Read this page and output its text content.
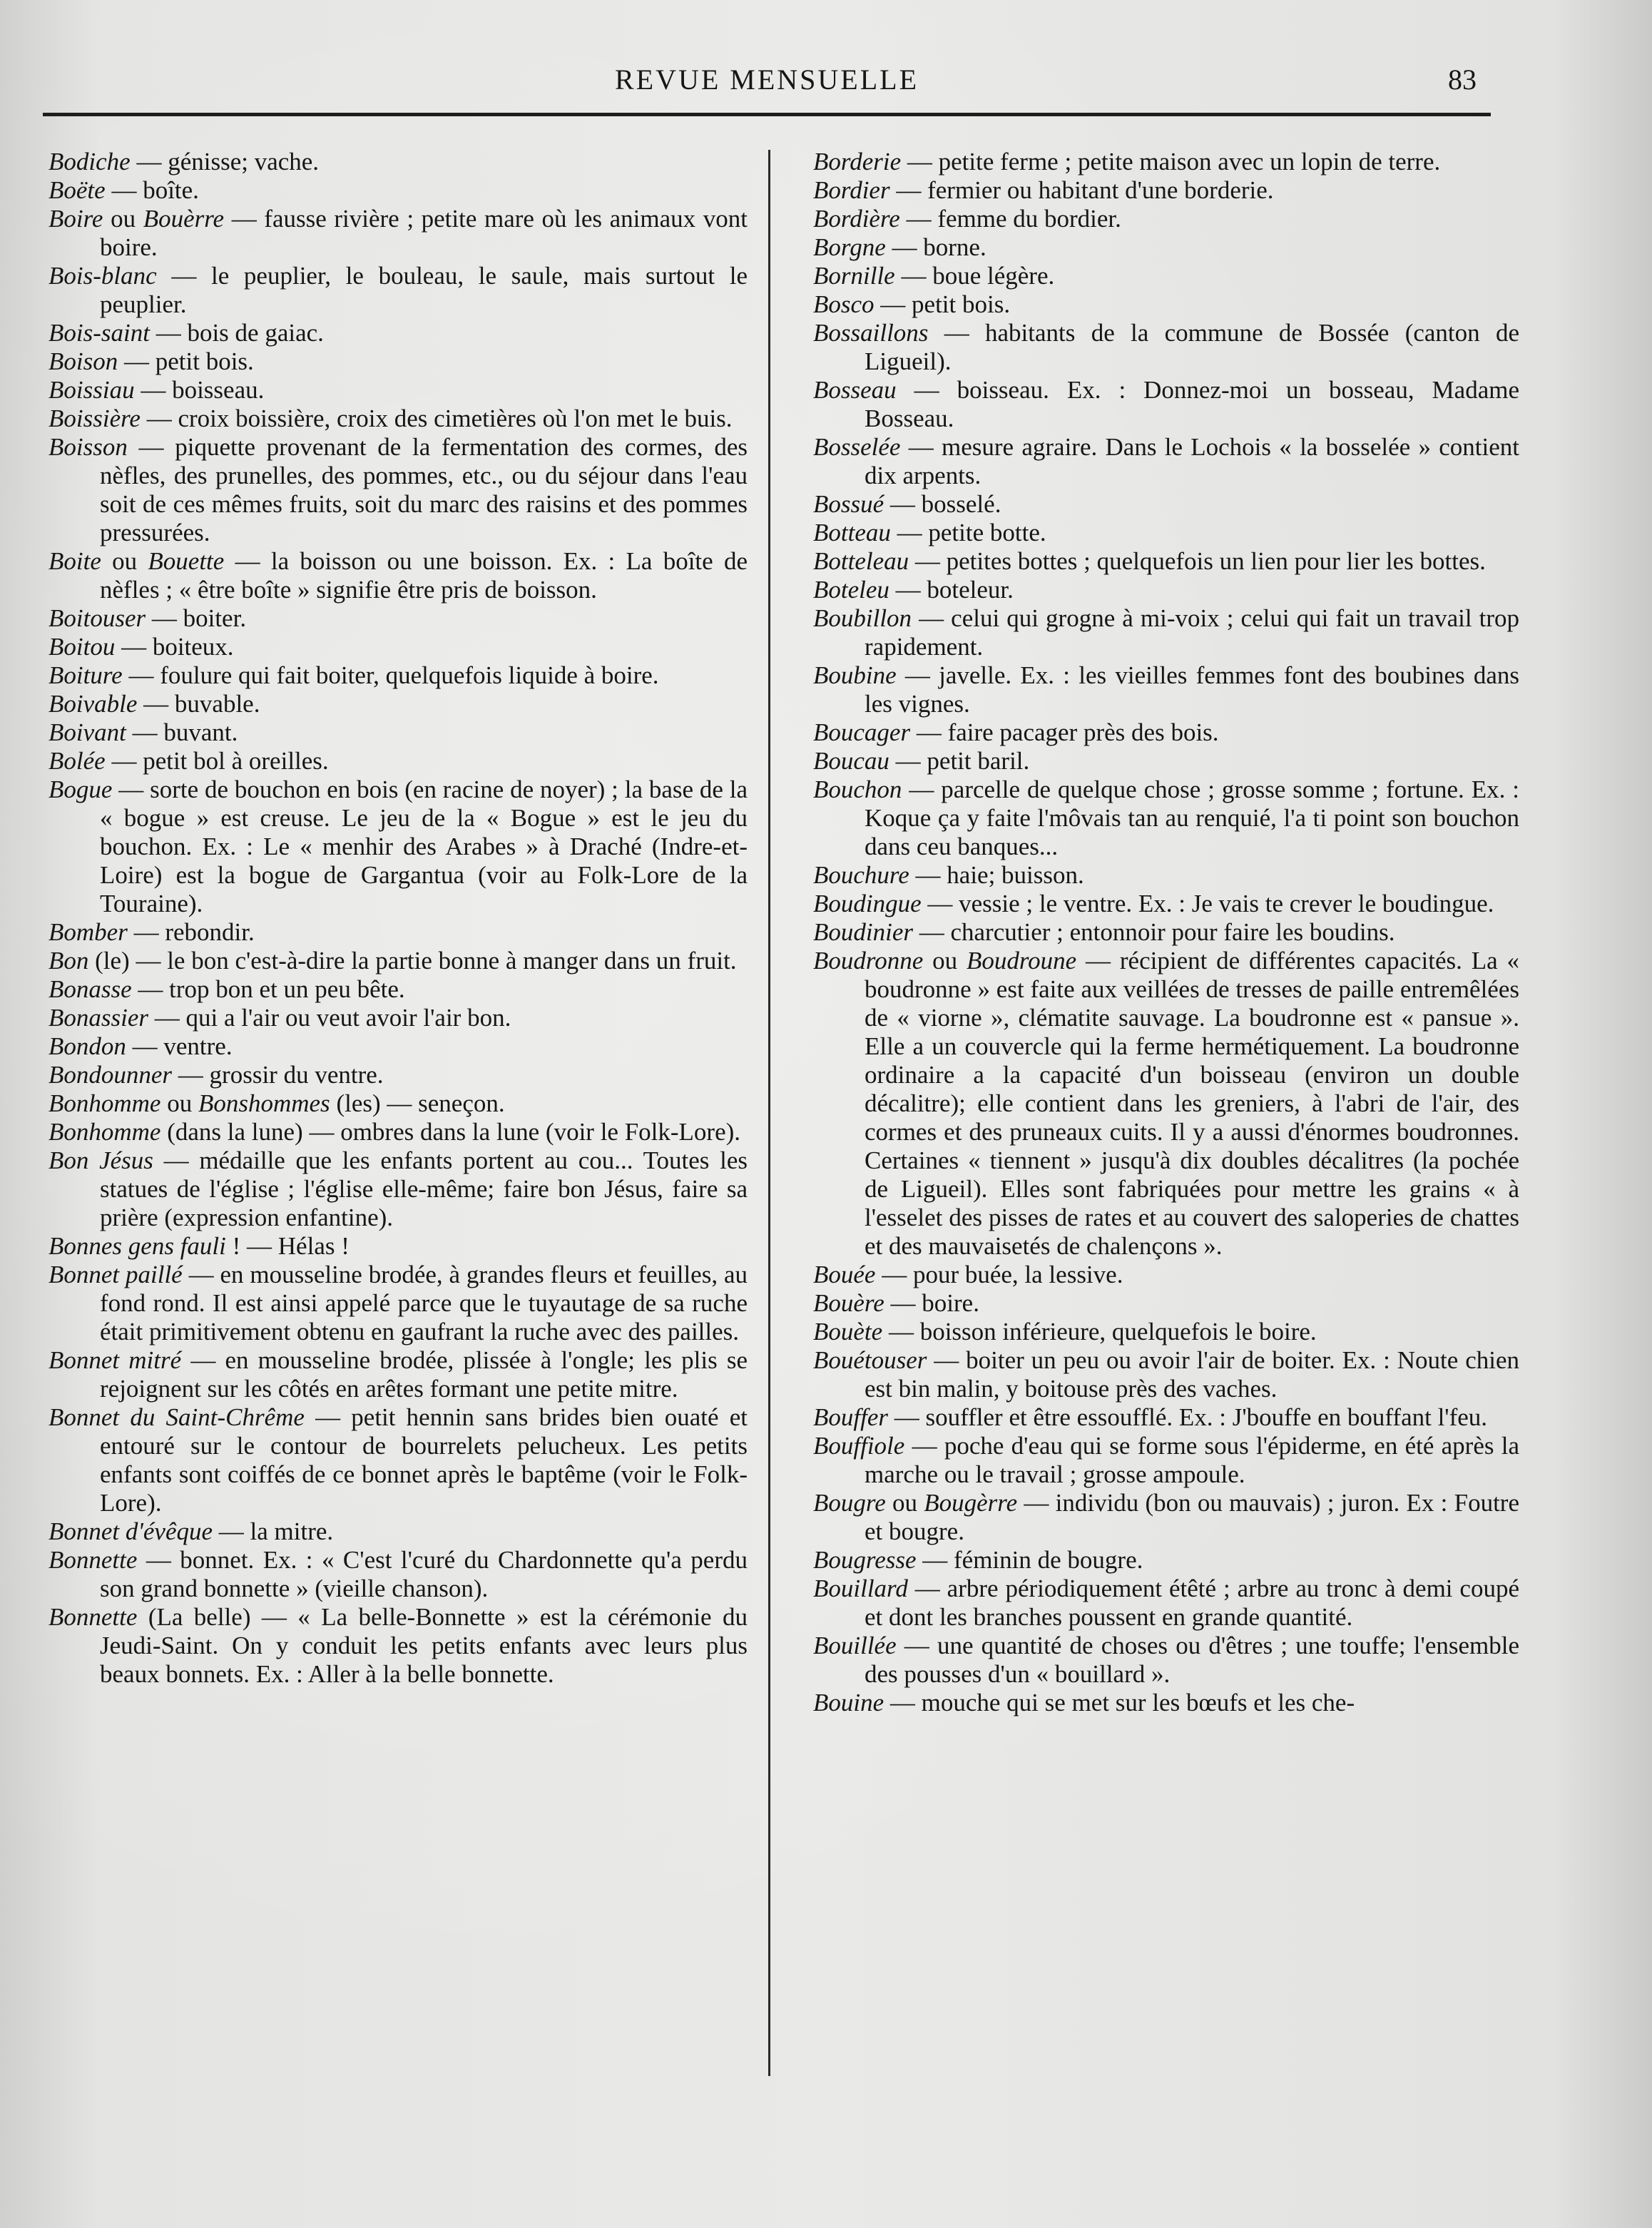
REVUE MENSUELLE	83

Bodiche — génisse; vache.

Boëte — boîte.

Boire ou Bouèrre — fausse rivière ; petite mare où les animaux vont boire.

Bois-blanc — le peuplier, le bouleau, le saule, mais surtout le peuplier.

Bois-saint — bois de gaiac.

Boison — petit bois.

Boissiau — boisseau.

Boissière — croix boissière, croix des cimetières où l'on met le buis.

Boisson — piquette provenant de la fermentation des cormes, des nèfles, des prunelles, des pommes, etc., ou du séjour dans l'eau soit de ces mêmes fruits, soit du marc des raisins et des pommes pressurées.

Boite ou Bouette — la boisson ou une boisson. Ex. : La boîte de nèfles ; « être boîte » signifie être pris de boisson.

Boitouser — boiter.

Boitou — boiteux.

Boiture — foulure qui fait boiter, quelquefois liquide à boire.

Boivable — buvable.

Boivant — buvant.

Bolée — petit bol à oreilles.

Bogue — sorte de bouchon en bois (en racine de noyer) ; la base de la « bogue » est creuse. Le jeu de la « Bogue » est le jeu du bouchon. Ex. : Le « menhir des Arabes » à Draché (Indre-et-Loire) est la bogue de Gargantua (voir au Folk-Lore de la Touraine).

Bomber — rebondir.

Bon (le) — le bon c'est-à-dire la partie bonne à manger dans un fruit.

Bonasse — trop bon et un peu bête.

Bonassier — qui a l'air ou veut avoir l'air bon.

Bondon — ventre.

Bondounner — grossir du ventre.

Bonhomme ou Bonshommes (les) — seneçon.

Bonhomme (dans la lune) — ombres dans la lune (voir le Folk-Lore).

Bon Jésus — médaille que les enfants portent au cou... Toutes les statues de l'église ; l'église elle-même; faire bon Jésus, faire sa prière (expression enfantine).

Bonnes gens fauli ! — Hélas !

Bonnet paillé — en mousseline brodée, à grandes fleurs et feuilles, au fond rond. Il est ainsi appelé parce que le tuyautage de sa ruche était primitivement obtenu en gaufrant la ruche avec des pailles.

Bonnet mitré — en mousseline brodée, plissée à l'ongle; les plis se rejoignent sur les côtés en arêtes formant une petite mitre.

Bonnet du Saint-Chrême — petit hennin sans brides bien ouaté et entouré sur le contour de bourrelets pelucheux. Les petits enfants sont coiffés de ce bonnet après le baptême (voir le Folk-Lore).

Bonnet d'évêque — la mitre.

Bonnette — bonnet. Ex. : « C'est l'curé du Chardonnette qu'a perdu son grand bonnette » (vieille chanson).

Bonnette (La belle) — « La belle-Bonnette » est la cérémonie du Jeudi-Saint. On y conduit les petits enfants avec leurs plus beaux bonnets. Ex. : Aller à la belle bonnette.

Borderie — petite ferme ; petite maison avec un lopin de terre.

Bordier — fermier ou habitant d'une borderie.

Bordière — femme du bordier.

Borgne — borne.

Bornille — boue légère.

Bosco — petit bois.

Bossaillons — habitants de la commune de Bossée (canton de Ligueil).

Bosseau — boisseau. Ex. : Donnez-moi un bosseau, Madame Bosseau.

Bosselée — mesure agraire. Dans le Lochois « la bosselée » contient dix arpents.

Bossué — bosselé.

Botteau — petite botte.

Botteleau — petites bottes ; quelquefois un lien pour lier les bottes.

Boteleu — boteleur.

Boubillon — celui qui grogne à mi-voix ; celui qui fait un travail trop rapidement.

Boubine — javelle. Ex. : les vieilles femmes font des boubines dans les vignes.

Boucager — faire pacager près des bois.

Boucau — petit baril.

Bouchon — parcelle de quelque chose ; grosse somme ; fortune. Ex. : Koque ça y faite l'môvais tan au renquié, l'a ti point son bouchon dans ceu banques...

Bouchure — haie; buisson.

Boudingue — vessie ; le ventre. Ex. : Je vais te crever le boudingue.

Boudinier — charcutier ; entonnoir pour faire les boudins.

Boudronne ou Boudroune — récipient de différentes capacités. La « boudronne » est faite aux veillées de tresses de paille entremêlées de « viorne », clématite sauvage. La boudronne est « pansue ». Elle a un couvercle qui la ferme hermétiquement. La boudronne ordinaire a la capacité d'un boisseau (environ un double décalitre); elle contient dans les greniers, à l'abri de l'air, des cormes et des pruneaux cuits. Il y a aussi d'énormes boudronnes. Certaines « tiennent » jusqu'à dix doubles décalitres (la pochée de Ligueil). Elles sont fabriquées pour mettre les grains « à l'esselet des pisses de rates et au couvert des saloperies de chattes et des mauvaisetés de chalençons ».

Bouée — pour buée, la lessive.

Bouère — boire.

Bouète — boisson inférieure, quelquefois le boire.

Bouétouser — boiter un peu ou avoir l'air de boiter. Ex. : Noute chien est bin malin, y boitouse près des vaches.

Bouffer — souffler et être essoufflé. Ex. : J'bouffe en bouffant l'feu.

Bouffiole — poche d'eau qui se forme sous l'épiderme, en été après la marche ou le travail ; grosse ampoule.

Bougre ou Bougèrre — individu (bon ou mauvais) ; juron. Ex : Foutre et bougre.

Bougresse — féminin de bougre.

Bouillard — arbre périodiquement étêté ; arbre au tronc à demi coupé et dont les branches poussent en grande quantité.

Bouillée — une quantité de choses ou d'êtres ; une touffe; l'ensemble des pousses d'un « bouillard ».

Bouine — mouche qui se met sur les bœufs et les che-
